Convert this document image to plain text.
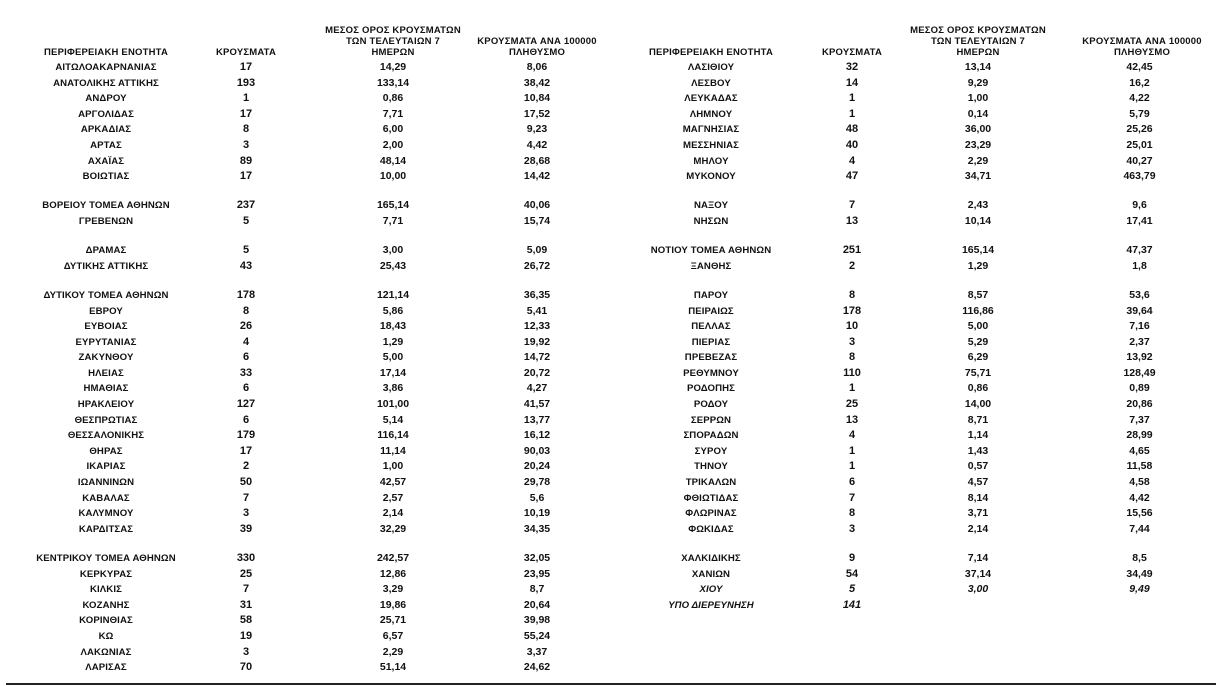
ΠΕΡΙΦΕΡΕΙΑΚΗ ΕΝΟΤΗΤΑ	ΚΡΟΥΣΜΑΤΑ
ΜΕΣΟΣ ΟΡΟΣ ΚΡΟΥΣΜΑΤΩΝ
ΤΩΝ ΤΕΛΕΥΤΑΙΩΝ 7
ΗΜΕΡΩΝ
ΚΡΟΥΣΜΑΤΑ ΑΝΑ 100000
ΠΛΗΘΥΣΜΟ
ΑΙΤΩΛΟΑΚΑΡΝΑΝΙΑΣ	17	14,29	8,06
ΑΝΑΤΟΛΙΚΗΣ ΑΤΤΙΚΗΣ	193	133,14	38,42
ΑΝΔΡΟΥ	1	0,86	10,84
ΑΡΓΟΛΙΔΑΣ	17	7,71	17,52
ΑΡΚΑΔΙΑΣ	8	6,00	9,23
ΑΡΤΑΣ	3	2,00	4,42
ΑΧΑΪΑΣ	89	48,14	28,68
ΒΟΙΩΤΙΑΣ	17	10,00	14,42
ΒΟΡΕΙΟΥ ΤΟΜΕΑ ΑΘΗΝΩΝ	237	165,14	40,06
ΓΡΕΒΕΝΩΝ	5	7,71	15,74
ΔΡΑΜΑΣ	5	3,00	5,09
ΔΥΤΙΚΗΣ ΑΤΤΙΚΗΣ	43	25,43	26,72
ΔΥΤΙΚΟΥ ΤΟΜΕΑ ΑΘΗΝΩΝ	178	121,14	36,35
ΕΒΡΟΥ	8	5,86	5,41
ΕΥΒΟΙΑΣ	26	18,43	12,33
ΕΥΡΥΤΑΝΙΑΣ	4	1,29	19,92
ΖΑΚΥΝΘΟΥ	6	5,00	14,72
ΗΛΕΙΑΣ	33	17,14	20,72
ΗΜΑΘΙΑΣ	6	3,86	4,27
ΗΡΑΚΛΕΙΟΥ	127	101,00	41,57
ΘΕΣΠΡΩΤΙΑΣ	6	5,14	13,77
ΘΕΣΣΑΛΟΝΙΚΗΣ	179	116,14	16,12
ΘΗΡΑΣ	17	11,14	90,03
ΙΚΑΡΙΑΣ	2	1,00	20,24
ΙΩΑΝΝΙΝΩΝ	50	42,57	29,78
ΚΑΒΑΛΑΣ	7	2,57	5,6
ΚΑΛΥΜΝΟΥ	3	2,14	10,19
ΚΑΡΔΙΤΣΑΣ	39	32,29	34,35
ΚΕΝΤΡΙΚΟΥ ΤΟΜΕΑ ΑΘΗΝΩΝ	330	242,57	32,05
ΚΕΡΚΥΡΑΣ	25	12,86	23,95
ΚΙΛΚΙΣ	7	3,29	8,7
ΚΟΖΑΝΗΣ	31	19,86	20,64
ΚΟΡΙΝΘΙΑΣ	58	25,71	39,98
ΚΩ	19	6,57	55,24
ΛΑΚΩΝΙΑΣ	3	2,29	3,37
ΛΑΡΙΣΑΣ	70	51,14	24,62
ΠΕΡΙΦΕΡΕΙΑΚΗ ΕΝΟΤΗΤΑ	ΚΡΟΥΣΜΑΤΑ
ΜΕΣΟΣ ΟΡΟΣ ΚΡΟΥΣΜΑΤΩΝ
ΤΩΝ ΤΕΛΕΥΤΑΙΩΝ 7
ΗΜΕΡΩΝ
ΚΡΟΥΣΜΑΤΑ ΑΝΑ 100000
ΠΛΗΘΥΣΜΟ
ΛΑΣΙΘΙΟΥ	32	13,14	42,45
ΛΕΣΒΟΥ	14	9,29	16,2
ΛΕΥΚΑΔΑΣ	1	1,00	4,22
ΛΗΜΝΟΥ	1	0,14	5,79
ΜΑΓΝΗΣΙΑΣ	48	36,00	25,26
ΜΕΣΣΗΝΙΑΣ	40	23,29	25,01
ΜΗΛΟΥ	4	2,29	40,27
ΜΥΚΟΝΟΥ	47	34,71	463,79
ΝΑΞΟΥ	7	2,43	9,6
ΝΗΣΩΝ	13	10,14	17,41
ΝΟΤΙΟΥ ΤΟΜΕΑ ΑΘΗΝΩΝ	251	165,14	47,37
ΞΑΝΘΗΣ	2	1,29	1,8
ΠΑΡΟΥ	8	8,57	53,6
ΠΕΙΡΑΙΩΣ	178	116,86	39,64
ΠΕΛΛΑΣ	10	5,00	7,16
ΠΙΕΡΙΑΣ	3	5,29	2,37
ΠΡΕΒΕΖΑΣ	8	6,29	13,92
ΡΕΘΥΜΝΟΥ	110	75,71	128,49
ΡΟΔΟΠΗΣ	1	0,86	0,89
ΡΟΔΟΥ	25	14,00	20,86
ΣΕΡΡΩΝ	13	8,71	7,37
ΣΠΟΡΑΔΩΝ	4	1,14	28,99
ΣΥΡΟΥ	1	1,43	4,65
ΤΗΝΟΥ	1	0,57	11,58
ΤΡΙΚΑΛΩΝ	6	4,57	4,58
ΦΘΙΩΤΙΔΑΣ	7	8,14	4,42
ΦΛΩΡΙΝΑΣ	8	3,71	15,56
ΦΩΚΙΔΑΣ	3	2,14	7,44
ΧΑΛΚΙΔΙΚΗΣ	9	7,14	8,5
ΧΑΝΙΩΝ	54	37,14	34,49
ΧΙΟΥ	5	3,00	9,49
ΥΠΟ ΔΙΕΡΕΥΝΗΣΗ	141
